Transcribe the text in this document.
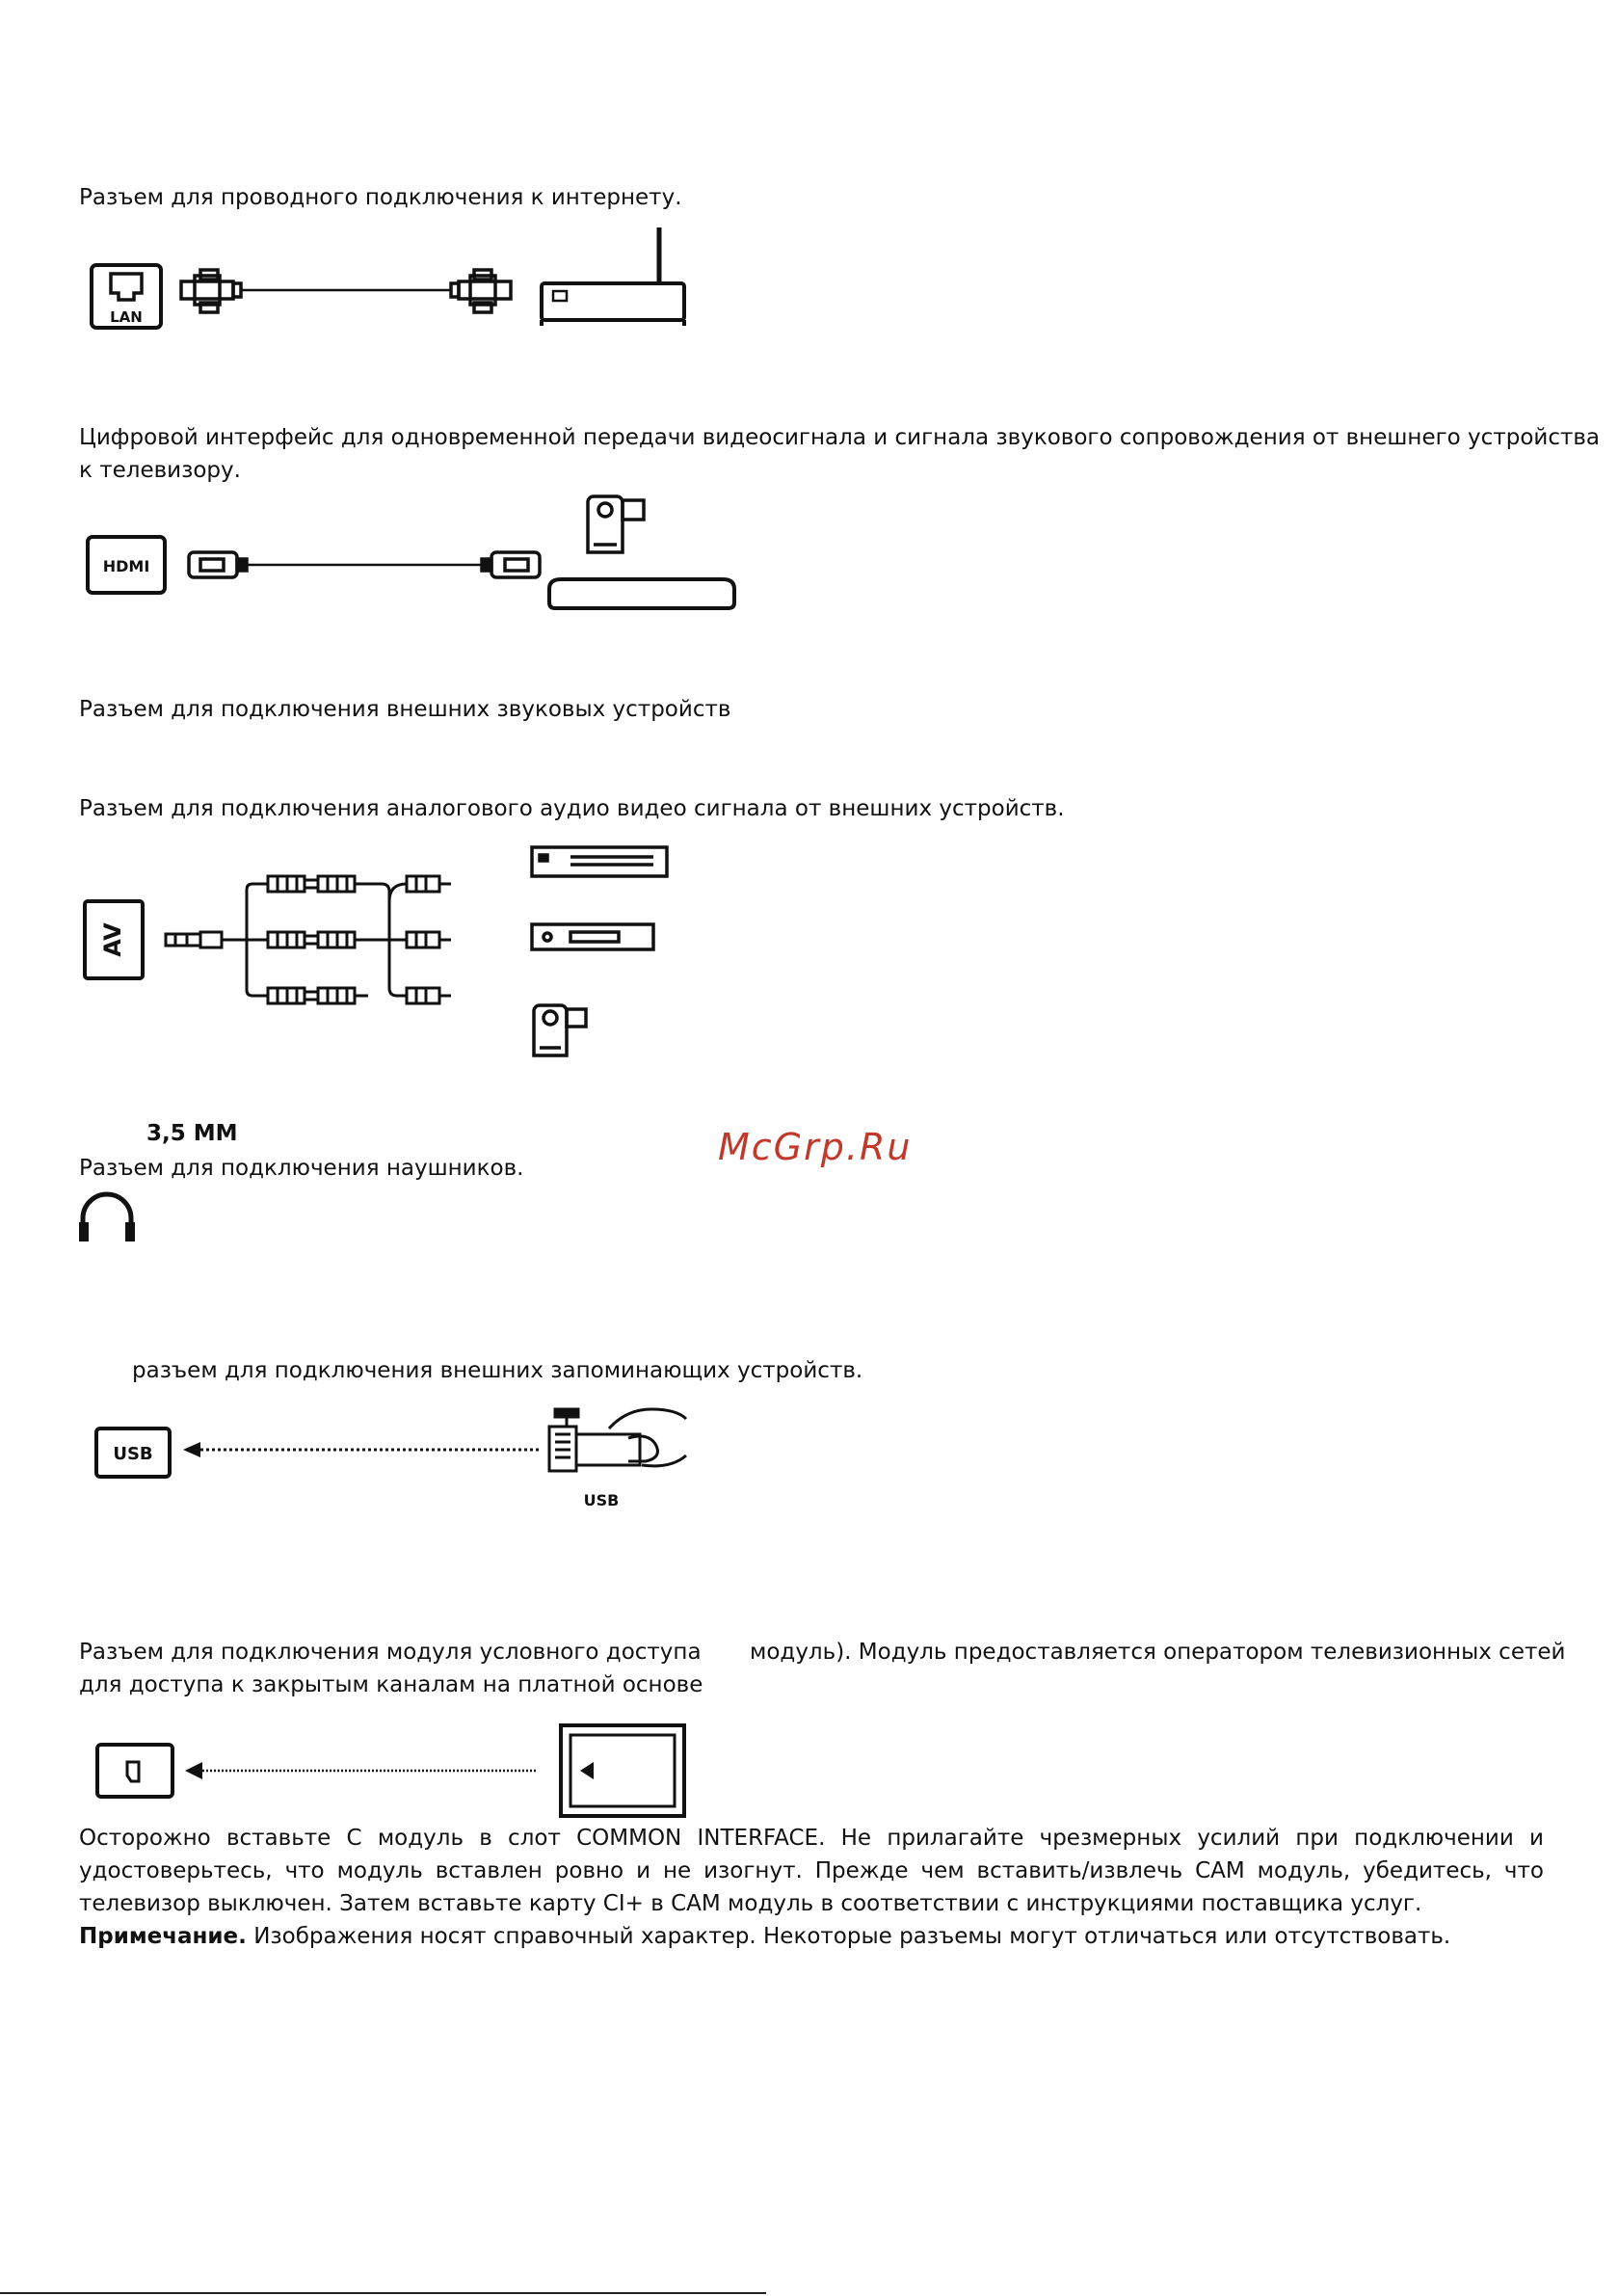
Разъем для проводного подключения к интернету.
LAN
Цифровой интерфейс для одновременной передачи видеосигнала и сигнала звукового сопровождения от внешнего устройства
к телевизору.
HDMI
Разъем для подключения внешних звуковых устройств
Разъем для подключения аналогового аудио видео сигнала от внешних устройств.
AV
3,5 MM
Разъем для подключения наушников.	McGrp.Ru
разъем для подключения внешних запоминающих устройств.
USB
USB
Разъем для подключения модуля условного доступа модуль). Модуль предоставляется оператором телевизионных сетей
для доступа к закрытым каналам на платной основе
Осторожно вставьте C модуль в слот COMMON INTERFACE. Не прилагайте чрезмерных усилий при подключении и удостоверьтесь, что модуль вставлен ровно и не изогнут. Прежде чем вставить/извлечь CAM модуль, убедитесь, что телевизор выключен. Затем вставьте карту CI+ в CAM модуль в соответствии с инструкциями поставщика услуг.
Примечание. Изображения носят справочный характер. Некоторые разъемы могут отличаться или отсутствовать.
